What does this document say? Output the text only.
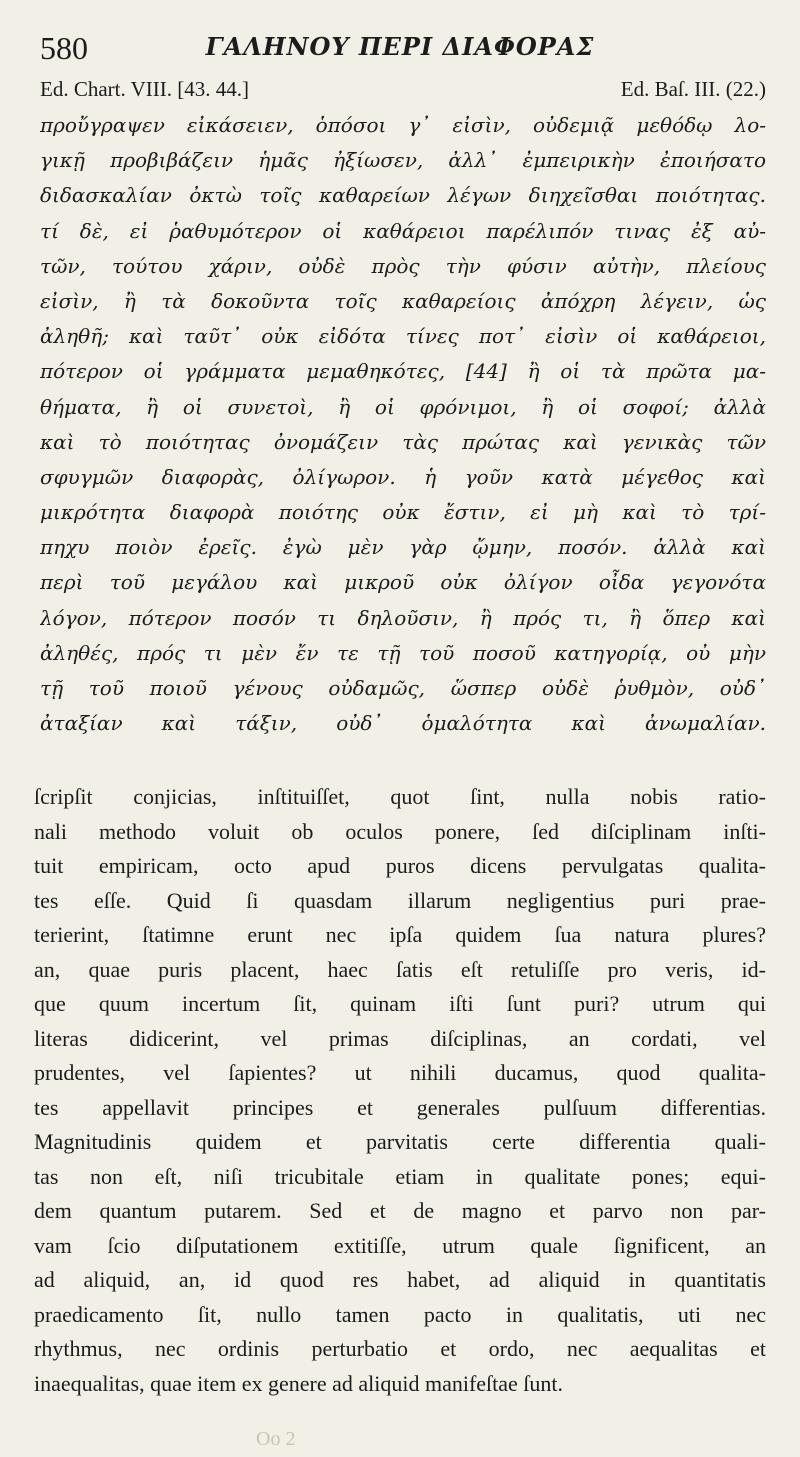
580	ΓΑΛΗΝΟΥ ΠΕΡΙ ΔΙΑΦΟΡΑΣ
Ed. Chart. VIII. [43. 44.]	Ed. Baſ. III. (22.)
προὔγραψεν εἰκάσειεν, ὁπόσοι γ᾽ εἰσὶν, οὐδεμιᾷ μεθόδῳ λο-
γικῇ προβιβάζειν ἡμᾶς ἠξίωσεν, ἀλλ᾽ ἐμπειρικὴν ἐποιήσατο
διδασκαλίαν ὀκτὼ τοῖς καθαρείων λέγων διηχεῖσθαι ποιότητας.
τί δὲ, εἰ ῥαθυμότερον οἱ καθάρειοι παρέλιπόν τινας ἐξ αὐ-
τῶν, τούτου χάριν, οὐδὲ πρὸς τὴν φύσιν αὐτὴν, πλείους
εἰσὶν, ἢ τὰ δοκοῦντα τοῖς καθαρείοις ἀπόχρη λέγειν, ὡς
ἀληθῆ; καὶ ταῦτ᾽ οὐκ εἰδότα τίνες ποτ᾽ εἰσὶν οἱ καθάρειοι,
πότερον οἱ γράμματα μεμαθηκότες, [44] ἢ οἱ τὰ πρῶτα μα-
θήματα, ἢ οἱ συνετοὶ, ἢ οἱ φρόνιμοι, ἢ οἱ σοφοί; ἀλλὰ
καὶ τὸ ποιότητας ὀνομάζειν τὰς πρώτας καὶ γενικὰς τῶν
σφυγμῶν διαφορὰς, ὀλίγωρον. ἡ γοῦν κατὰ μέγεθος καὶ
μικρότητα διαφορὰ ποιότης οὐκ ἔστιν, εἰ μὴ καὶ τὸ τρί-
πηχυ ποιὸν ἐρεῖς. ἐγὼ μὲν γὰρ ᾤμην, ποσόν. ἀλλὰ καὶ
περὶ τοῦ μεγάλου καὶ μικροῦ οὐκ ὀλίγον οἶδα γεγονότα
λόγον, πότερον ποσόν τι δηλοῦσιν, ἢ πρός τι, ἢ ὅπερ καὶ
ἀληθές, πρός τι μὲν ἔν τε τῇ τοῦ ποσοῦ κατηγορίᾳ, οὐ μὴν
τῇ τοῦ ποιοῦ γένους οὐδαμῶς, ὥσπερ οὐδὲ ῥυθμὸν, οὐδ᾽
ἀταξίαν καὶ τάξιν, οὐδ᾽ ὁμαλότητα καὶ ἀνωμαλίαν.
ſcripſit conjicias, inſtituiſſet, quot ſint, nulla nobis ratio-
nali methodo voluit ob oculos ponere, ſed diſciplinam inſti-
tuit empiricam, octo apud puros dicens pervulgatas qualita-
tes eſſe. Quid ſi quasdam illarum negligentius puri prae-
terierint, ſtatimne erunt nec ipſa quidem ſua natura plures?
an, quae puris placent, haec ſatis eſt retuliſſe pro veris, id-
que quum incertum ſit, quinam iſti ſunt puri? utrum qui
literas didicerint, vel primas diſciplinas, an cordati, vel
prudentes, vel ſapientes? ut nihili ducamus, quod qualita-
tes appellavit principes et generales pulſuum differentias.
Magnitudinis quidem et parvitatis certe differentia quali-
tas non eſt, niſi tricubitale etiam in qualitate pones; equi-
dem quantum putarem. Sed et de magno et parvo non par-
vam ſcio diſputationem extitiſſe, utrum quale ſignificent, an
ad aliquid, an, id quod res habet, ad aliquid in quantitatis
praedicamento ſit, nullo tamen pacto in qualitatis, uti nec
rhythmus, nec ordinis perturbatio et ordo, nec aequalitas et
inaequalitas, quae item ex genere ad aliquid manifeſtae ſunt.
Oo 2
